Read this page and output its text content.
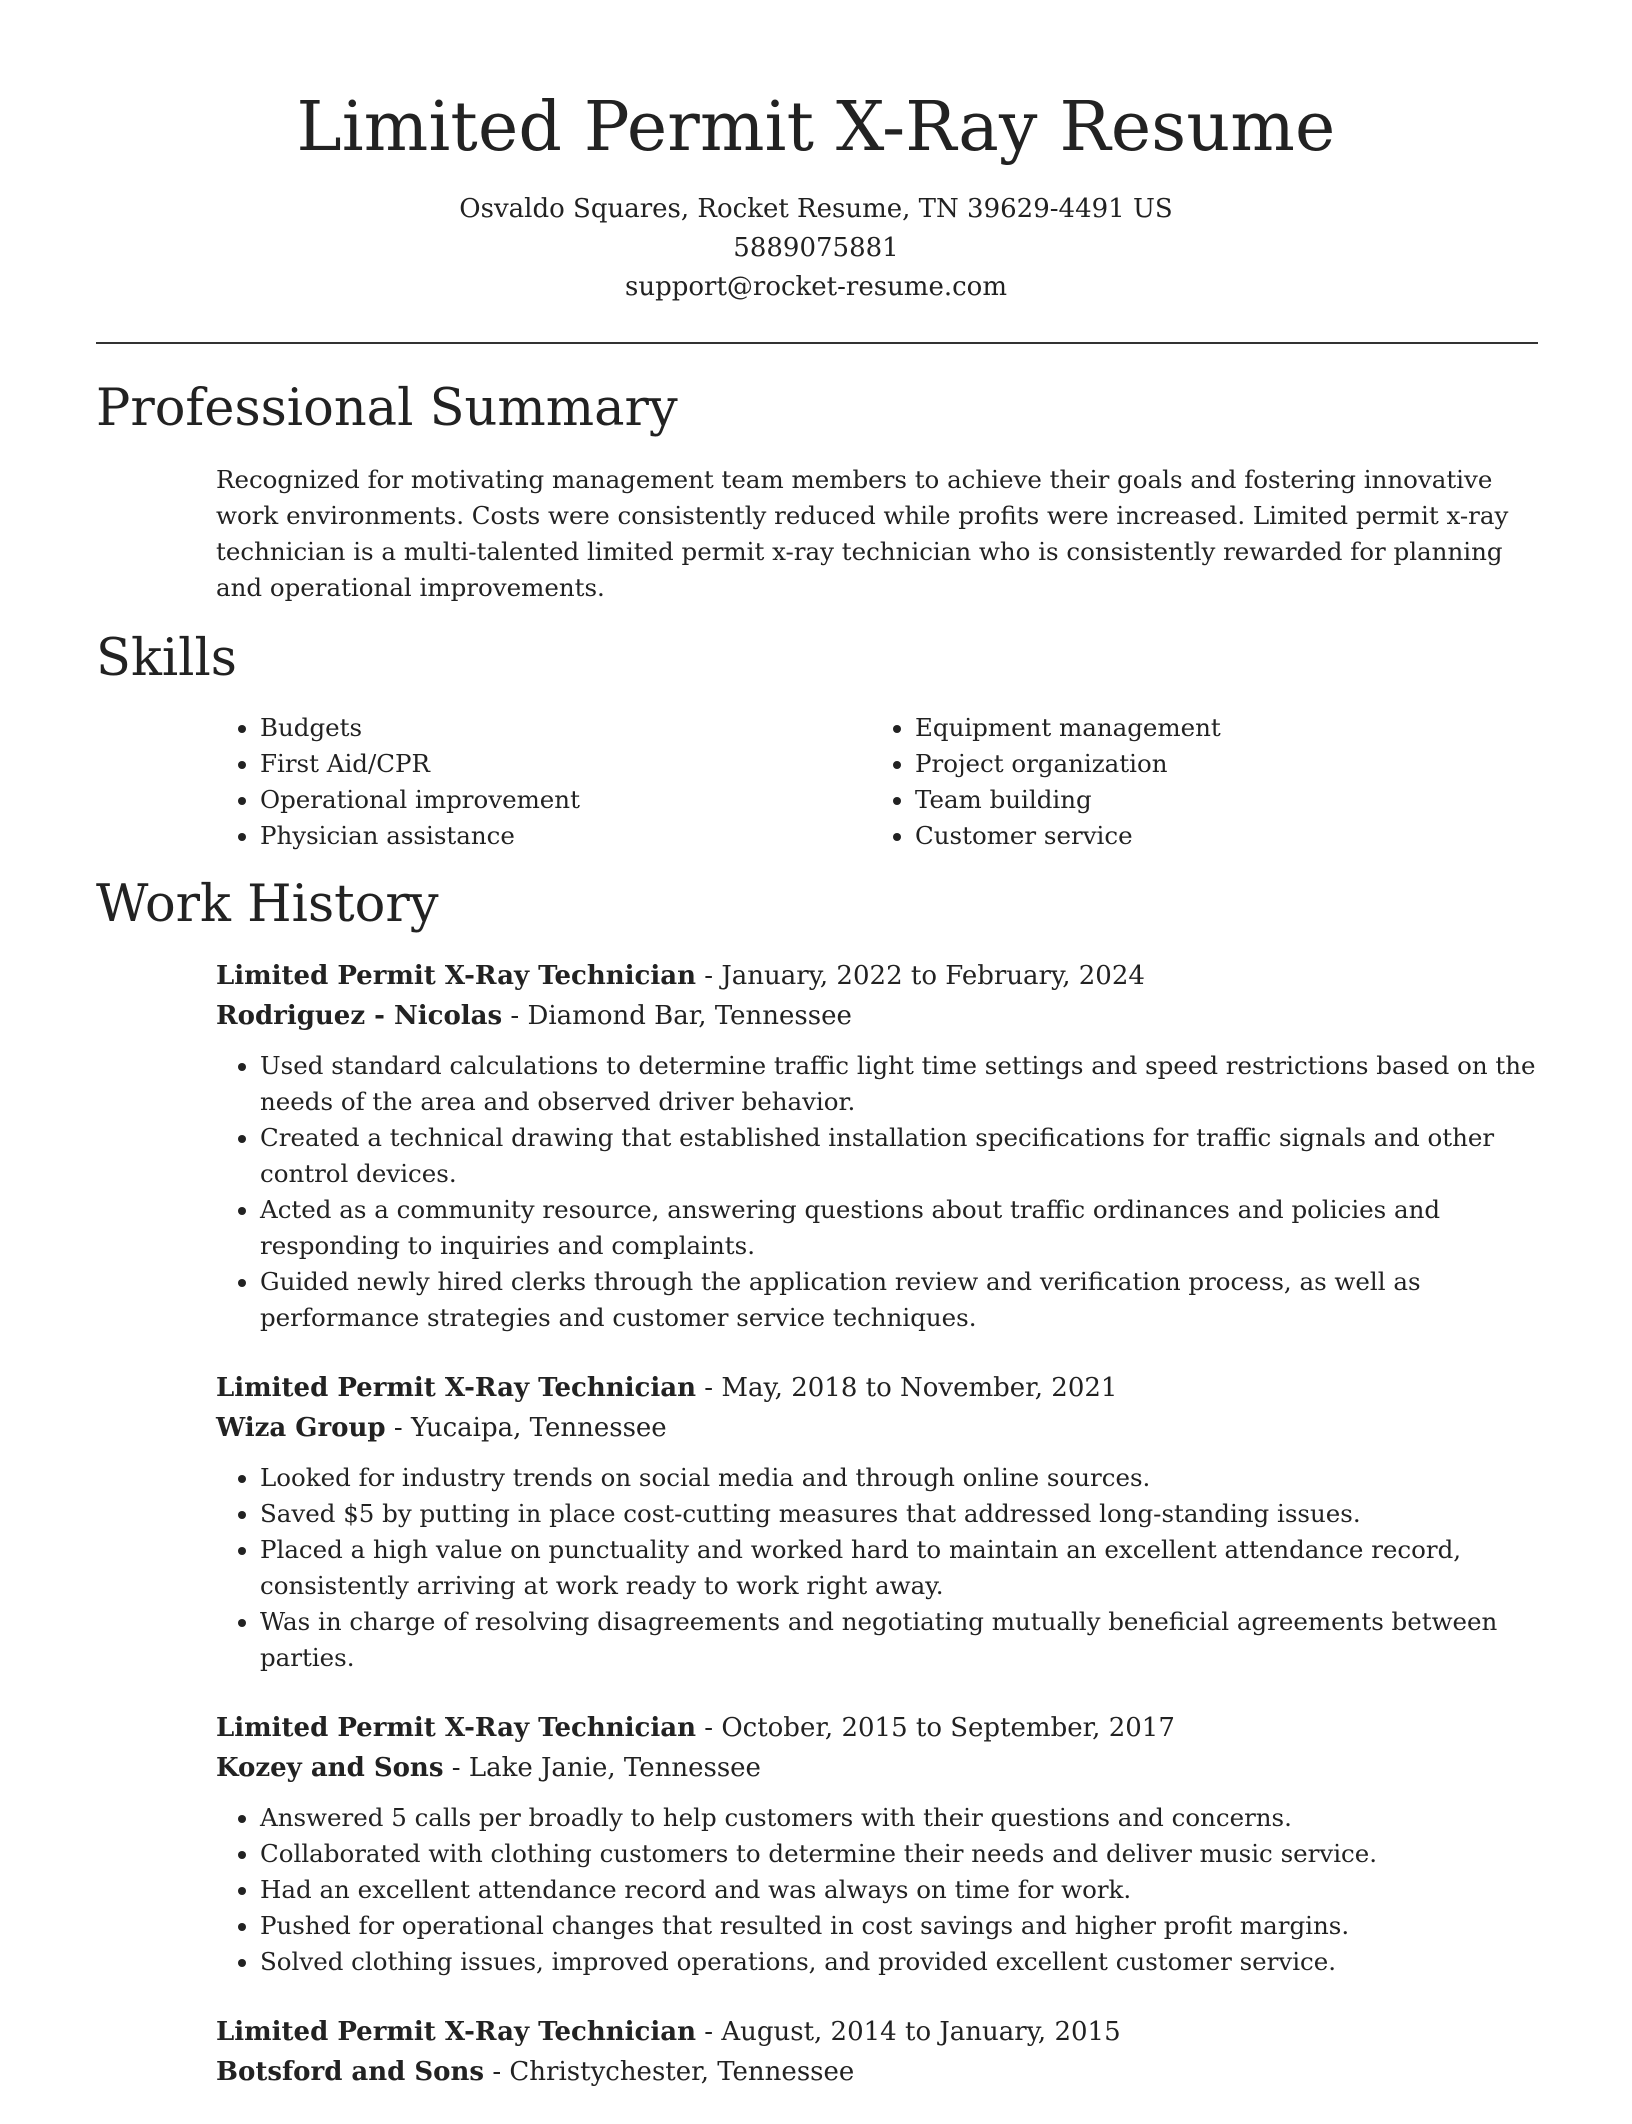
Limited Permit X-Ray Resume

Osvaldo Squares, Rocket Resume, TN 39629-4491 US

5889075881

support@rocket-resume.com

Professional Summary

Recognized for motivating management team members to achieve their goals and fostering innovative work environments. Costs were consistently reduced while profits were increased. Limited permit x-ray technician is a multi-talented limited permit x-ray technician who is consistently rewarded for planning and operational improvements.

Skills
• Budgets
• First Aid/CPR
• Operational improvement
• Physician assistance
• Equipment management
• Project organization
• Team building
• Customer service
Work History

Limited Permit X-Ray Technician - January, 2022 to February, 2024

Rodriguez - Nicolas - Diamond Bar, Tennessee

• Used standard calculations to determine traffic light time settings and speed restrictions based on the needs of the area and observed driver behavior.
• Created a technical drawing that established installation specifications for traffic signals and other control devices.
• Acted as a community resource, answering questions about traffic ordinances and policies and responding to inquiries and complaints.
• Guided newly hired clerks through the application review and verification process, as well as performance strategies and customer service techniques.

Limited Permit X-Ray Technician - May, 2018 to November, 2021

Wiza Group - Yucaipa, Tennessee

• Looked for industry trends on social media and through online sources.
• Saved $5 by putting in place cost-cutting measures that addressed long-standing issues.
• Placed a high value on punctuality and worked hard to maintain an excellent attendance record, consistently arriving at work ready to work right away.
• Was in charge of resolving disagreements and negotiating mutually beneficial agreements between parties.

Limited Permit X-Ray Technician - October, 2015 to September, 2017

Kozey and Sons - Lake Janie, Tennessee

• Answered 5 calls per broadly to help customers with their questions and concerns.
• Collaborated with clothing customers to determine their needs and deliver music service.
• Had an excellent attendance record and was always on time for work.
• Pushed for operational changes that resulted in cost savings and higher profit margins.
• Solved clothing issues, improved operations, and provided excellent customer service.

Limited Permit X-Ray Technician - August, 2014 to January, 2015

Botsford and Sons - Christychester, Tennessee
